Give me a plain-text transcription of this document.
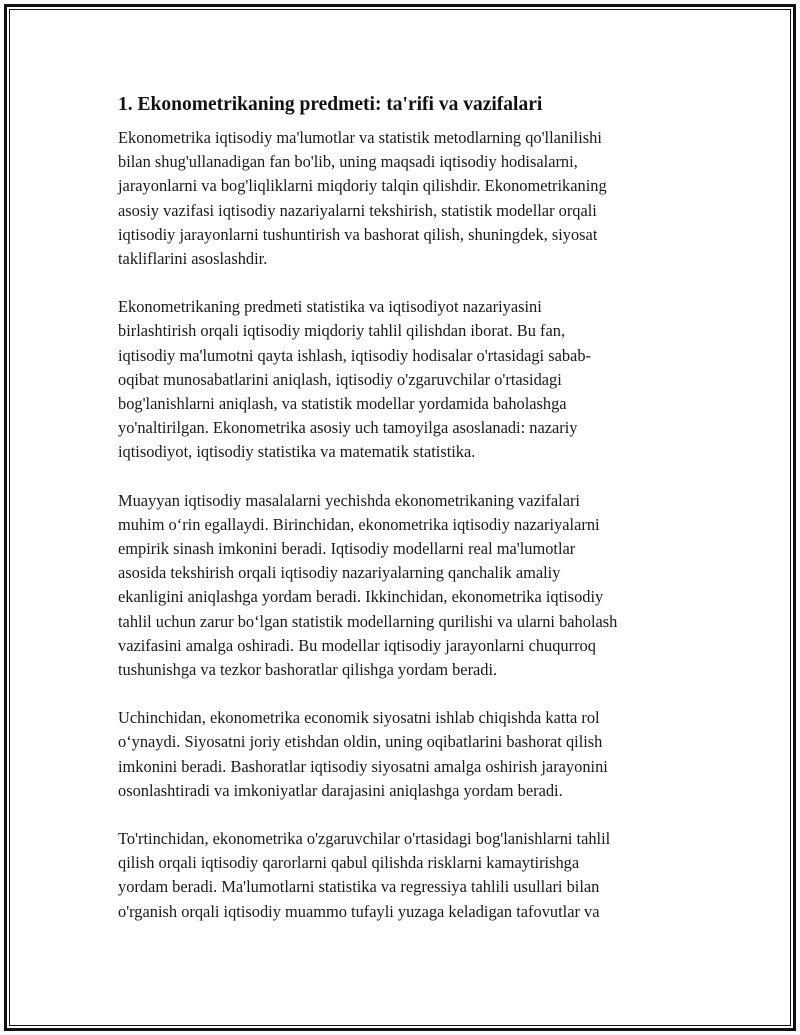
1. Ekonometrikaning predmeti: ta'rifi va vazifalari

Ekonometrika iqtisodiy ma'lumotlar va statistik metodlarning qo'llanilishi
bilan shug'ullanadigan fan bo'lib, uning maqsadi iqtisodiy hodisalarni,
jarayonlarni va bog'liqliklarni miqdoriy talqin qilishdir. Ekonometrikaning
asosiy vazifasi iqtisodiy nazariyalarni tekshirish, statistik modellar orqali
iqtisodiy jarayonlarni tushuntirish va bashorat qilish, shuningdek, siyosat
takliflarini asoslashdir.

Ekonometrikaning predmeti statistika va iqtisodiyot nazariyasini
birlashtirish orqali iqtisodiy miqdoriy tahlil qilishdan iborat. Bu fan,
iqtisodiy ma'lumotni qayta ishlash, iqtisodiy hodisalar o'rtasidagi sabab-
oqibat munosabatlarini aniqlash, iqtisodiy o'zgaruvchilar o'rtasidagi
bog'lanishlarni aniqlash, va statistik modellar yordamida baholashga
yo'naltirilgan. Ekonometrika asosiy uch tamoyilga asoslanadi: nazariy
iqtisodiyot, iqtisodiy statistika va matematik statistika.

Muayyan iqtisodiy masalalarni yechishda ekonometrikaning vazifalari
muhim o‘rin egallaydi. Birinchidan, ekonometrika iqtisodiy nazariyalarni
empirik sinash imkonini beradi. Iqtisodiy modellarni real ma'lumotlar
asosida tekshirish orqali iqtisodiy nazariyalarning qanchalik amaliy
ekanligini aniqlashga yordam beradi. Ikkinchidan, ekonometrika iqtisodiy
tahlil uchun zarur bo‘lgan statistik modellarning qurilishi va ularni baholash
vazifasini amalga oshiradi. Bu modellar iqtisodiy jarayonlarni chuqurroq
tushunishga va tezkor bashoratlar qilishga yordam beradi.

Uchinchidan, ekonometrika economik siyosatni ishlab chiqishda katta rol
o‘ynaydi. Siyosatni joriy etishdan oldin, uning oqibatlarini bashorat qilish
imkonini beradi. Bashoratlar iqtisodiy siyosatni amalga oshirish jarayonini
osonlashtiradi va imkoniyatlar darajasini aniqlashga yordam beradi.

To'rtinchidan, ekonometrika o'zgaruvchilar o'rtasidagi bog'lanishlarni tahlil
qilish orqali iqtisodiy qarorlarni qabul qilishda risklarni kamaytirishga
yordam beradi. Ma'lumotlarni statistika va regressiya tahlili usullari bilan
o'rganish orqali iqtisodiy muammo tufayli yuzaga keladigan tafovutlar va
